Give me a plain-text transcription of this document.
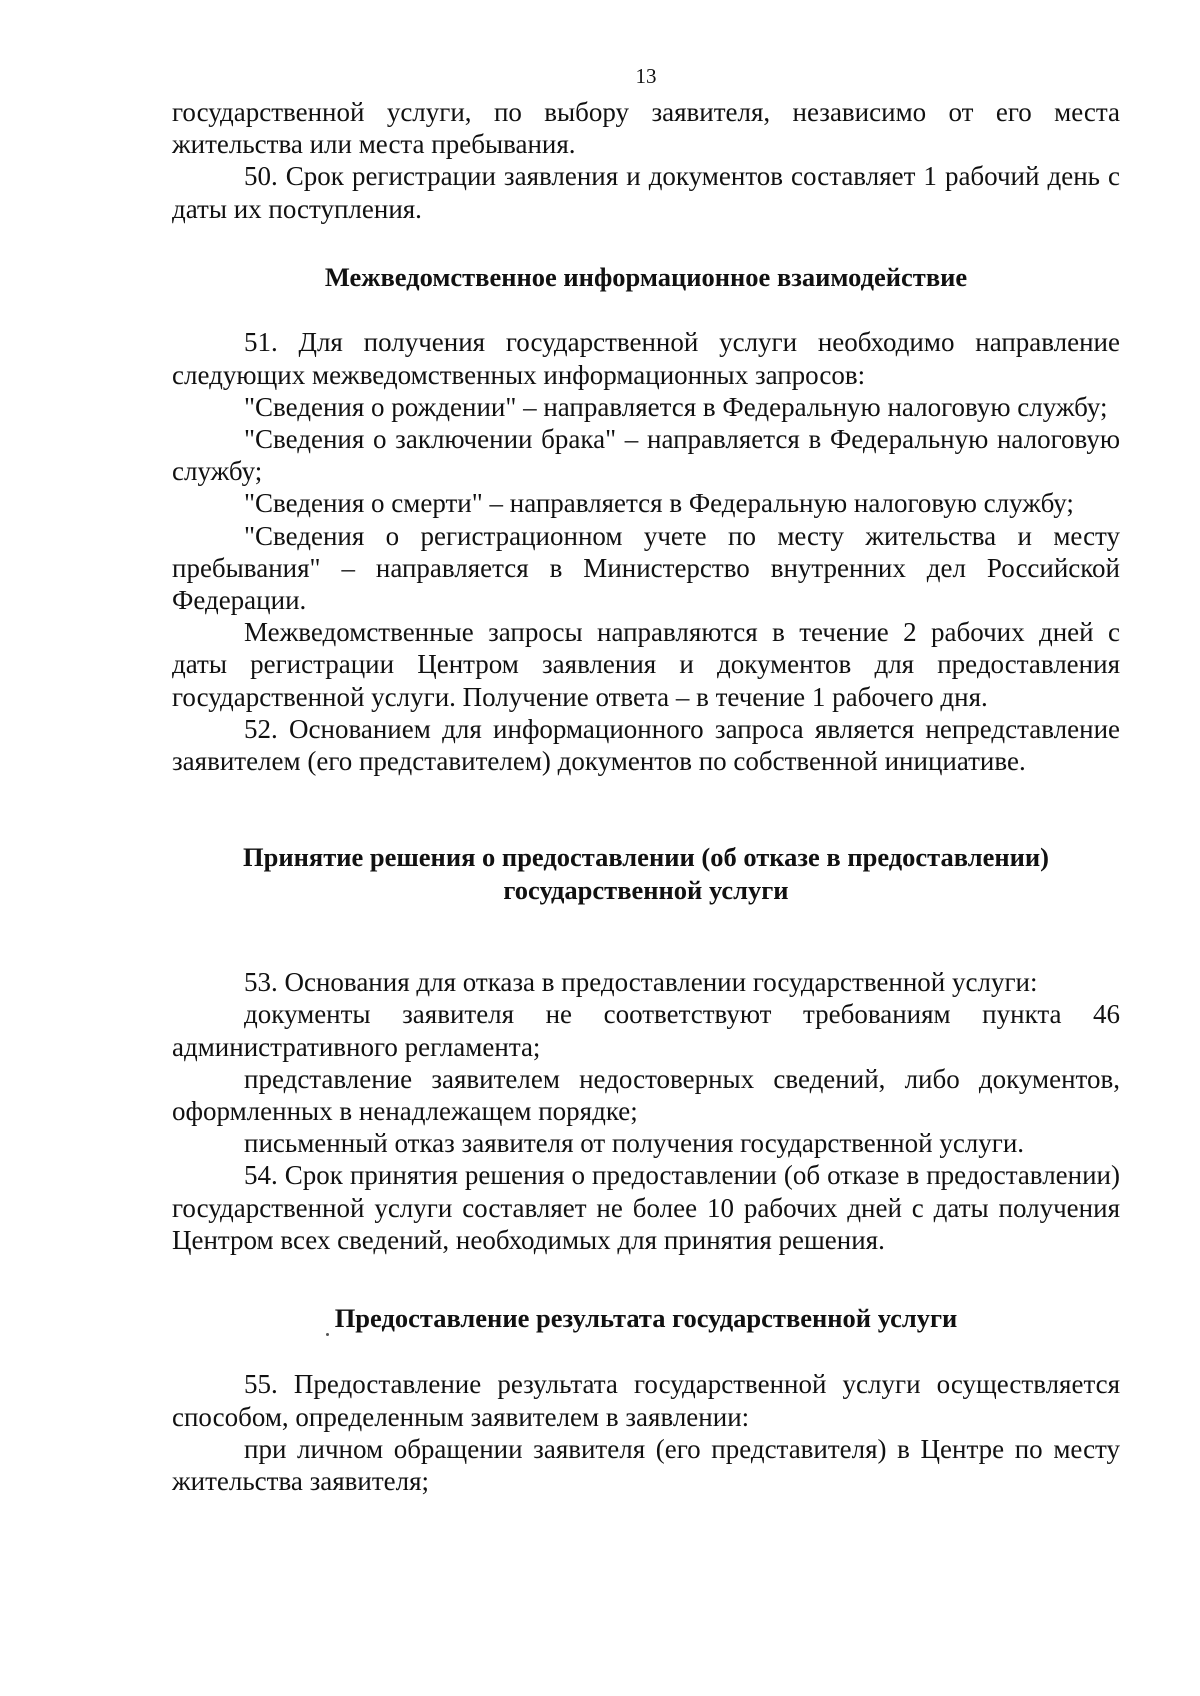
13

государственной услуги, по выбору заявителя, независимо от его места жительства или места пребывания.

50. Срок регистрации заявления и документов составляет 1 рабочий день с даты их поступления.

Межведомственное информационное взаимодействие

51. Для получения государственной услуги необходимо направление следующих межведомственных информационных запросов:

"Сведения о рождении" – направляется в Федеральную налоговую службу;

"Сведения о заключении брака" – направляется в Федеральную налоговую службу;

"Сведения о смерти" – направляется в Федеральную налоговую службу;

"Сведения о регистрационном учете по месту жительства и месту пребывания" – направляется в Министерство внутренних дел Российской Федерации.

Межведомственные запросы направляются в течение 2 рабочих дней с даты регистрации Центром заявления и документов для предоставления государственной услуги. Получение ответа – в течение 1 рабочего дня.

52. Основанием для информационного запроса является непредставление заявителем (его представителем) документов по собственной инициативе.

Принятие решения о предоставлении (об отказе в предоставлении)
государственной услуги

53. Основания для отказа в предоставлении государственной услуги:

документы заявителя не соответствуют требованиям пункта 46 административного регламента;

представление заявителем недостоверных сведений, либо документов, оформленных в ненадлежащем порядке;

письменный отказ заявителя от получения государственной услуги.

54. Срок принятия решения о предоставлении (об отказе в предоставлении) государственной услуги составляет не более 10 рабочих дней с даты получения Центром всех сведений, необходимых для принятия решения.

Предоставление результата государственной услуги

55. Предоставление результата государственной услуги осуществляется способом, определенным заявителем в заявлении:

при личном обращении заявителя (его представителя) в Центре по месту жительства заявителя;
